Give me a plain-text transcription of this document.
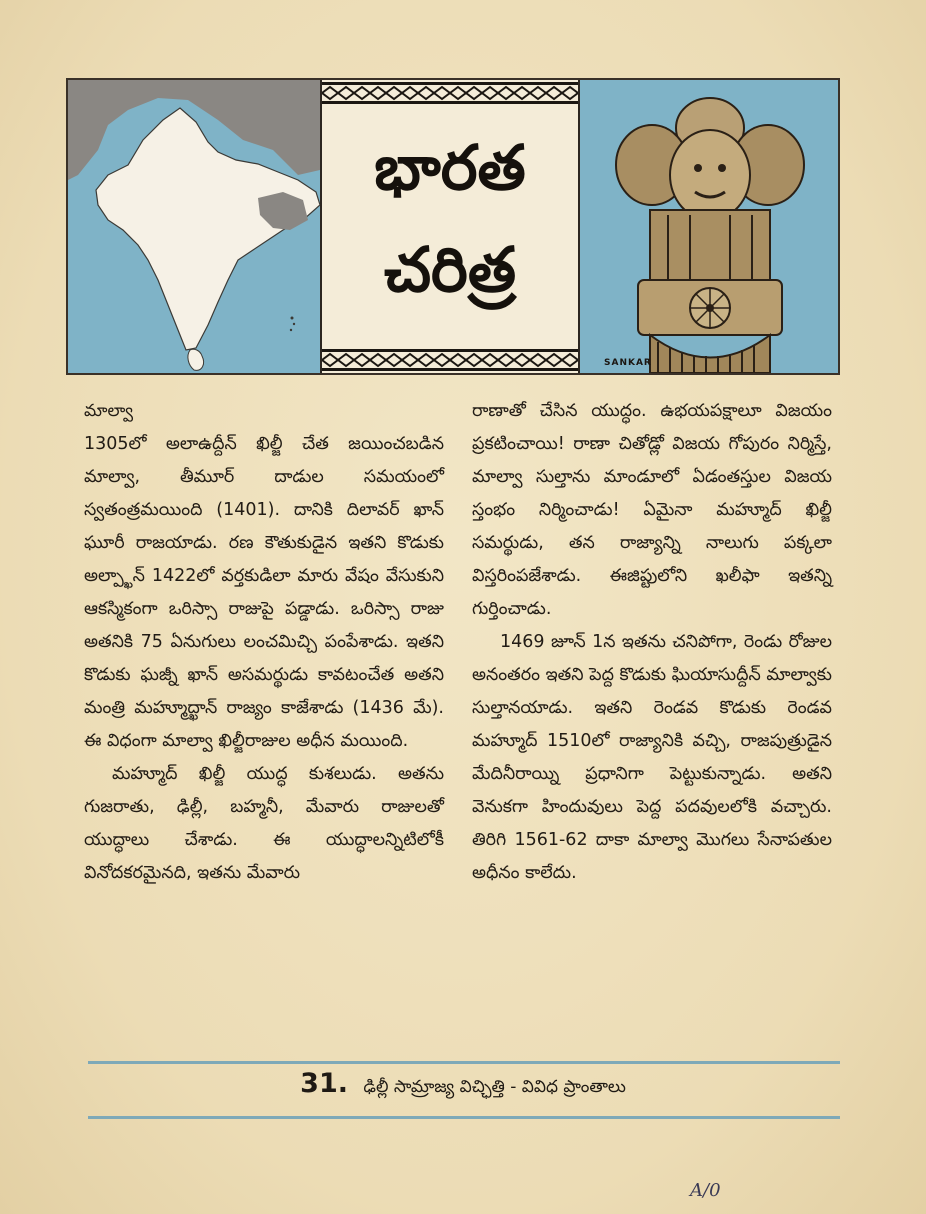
భారత
చరిత్ర
SANKAR

మాల్వా

1305లో అలాఉద్దీన్ ఖిల్జీ చేత జయించబడిన మాల్వా, తీమూర్ దాడుల సమయంలో స్వతంత్రమయింది (1401). దానికి దిలావర్ ఖాన్ ఘూరీ రాజయాడు. రణ కౌతుకుడైన ఇతని కొడుకు అల్ప్ఖాన్ 1422లో వర్తకుడిలా మారు వేషం వేసుకుని ఆకస్మికంగా ఒరిస్సా రాజుపై పడ్డాడు. ఒరిస్సా రాజు అతనికి 75 ఏనుగులు లంచమిచ్చి పంపేశాడు. ఇతని కొడుకు ఘజ్నీ ఖాన్ అసమర్థుడు కావటంచేత అతని మంత్రి మహ్మూద్ఖాన్ రాజ్యం కాజేశాడు (1436 మే). ఈ విధంగా మాల్వా ఖిల్జీరాజుల అధీన మయింది.

మహ్మూద్ ఖిల్జీ యుద్ధ కుశలుడు. అతను గుజరాతు, ఢిల్లీ, బహ్మనీ, మేవారు రాజులతో యుద్ధాలు చేశాడు. ఈ యుద్ధాలన్నిటిలోకీ వినోదకరమైనది, ఇతను మేవారు

రాణాతో చేసిన యుద్ధం. ఉభయపక్షాలూ విజయం ప్రకటించాయి! రాణా చితోడ్లో విజయ గోపురం నిర్మిస్తే, మాల్వా సుల్తాను మాండూలో ఏడంతస్తుల విజయ స్తంభం నిర్మించాడు! ఏమైనా మహ్మూద్ ఖిల్జీ సమర్థుడు, తన రాజ్యాన్ని నాలుగు పక్కలా విస్తరింపజేశాడు. ఈజిప్టులోని ఖలీఫా ఇతన్ని గుర్తించాడు.

1469 జూన్ 1న ఇతను చనిపోగా, రెండు రోజుల అనంతరం ఇతని పెద్ద కొడుకు ఘియాసుద్దీన్ మాల్వాకు సుల్తానయాడు. ఇతని రెండవ కొడుకు రెండవ మహ్మూద్ 1510లో రాజ్యానికి వచ్చి, రాజపుత్రుడైన మేదినీరాయ్ని ప్రధానిగా పెట్టుకున్నాడు. అతని వెనుకగా హిందువులు పెద్ద పదవులలోకి వచ్చారు. తిరిగి 1561-62 దాకా మాల్వా మొగలు సేనాపతుల అధీనం కాలేదు.

31. ఢిల్లీ సామ్రాజ్య విచ్ఛిత్తి - వివిధ ప్రాంతాలు
A/0
